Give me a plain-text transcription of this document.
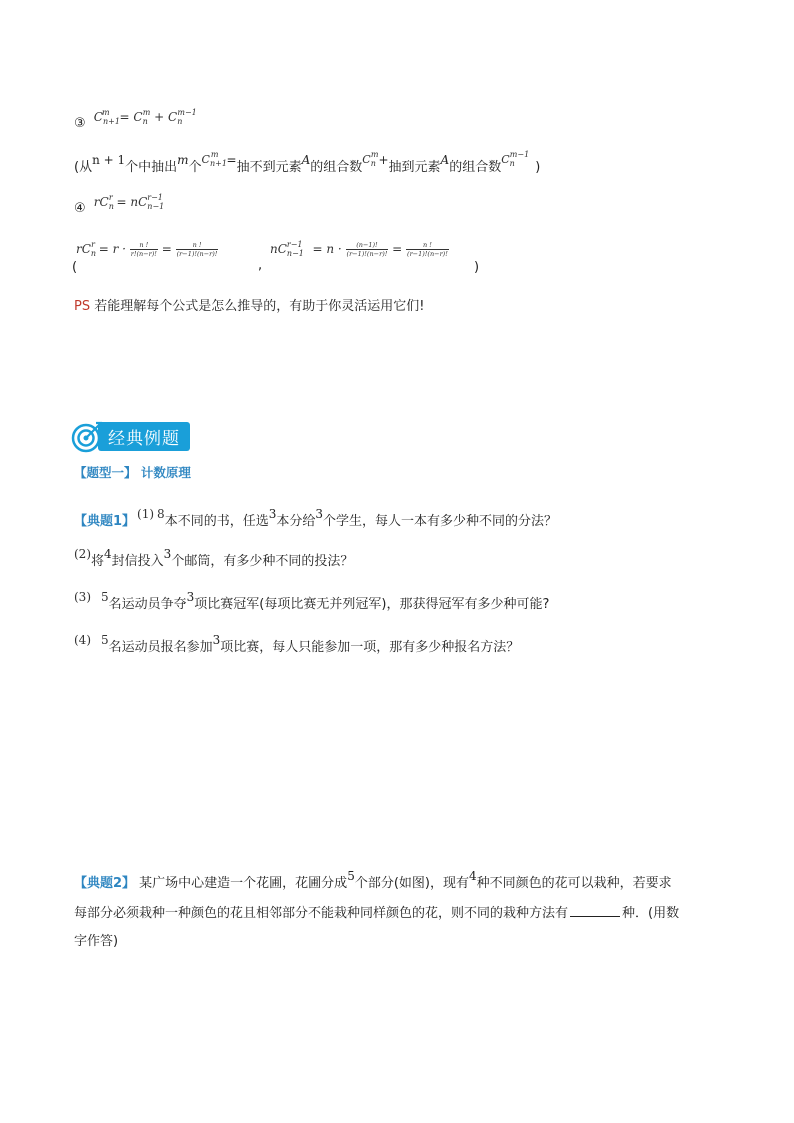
③ $C_{n+1}^m = C_n^m + C_n^{m-1}$
(从n + 1个中抽出m个$^{C_{n+1}^m}$ =抽不到元素A的组合数$^{C_n^m}$+抽到元素A的组合数$^{C_n^{m-1}}$)
④ $rC_n^r = nC_{n-1}^{r-1}$
(
$rC_n^r = r \cdot \frac{n !}{r!(n-r)!} = \frac{n !}{(r-1)!(n-r)!}$
,
$nC_{n-1}^{r-1} = n \cdot \frac{(n-1)!}{(r-1)!(n-r)!} = \frac{n !}{(r-1)!(n-r)!}$
)
PS 若能理解每个公式是怎么推导的，有助于你灵活运用它们!
经典例题
【题型一】 计数原理
【典题1】 (1) 8本不同的书，任选3本分给3个学生，每人一本有多少种不同的分法？
(2)将4封信投入3个邮筒，有多少种不同的投法？
(3) 5名运动员争夺3项比赛冠军(每项比赛无并列冠军)，那获得冠军有多少种可能?
(4) 5名运动员报名参加3项比赛，每人只能参加一项，那有多少种报名方法？
【典题2】 某广场中心建造一个花圃，花圃分成5个部分(如图)，现有4种不同颜色的花可以栽种，若要求
每部分必须栽种一种颜色的花且相邻部分不能栽种同样颜色的花，则不同的栽种方法有	种．(用数
字作答)
